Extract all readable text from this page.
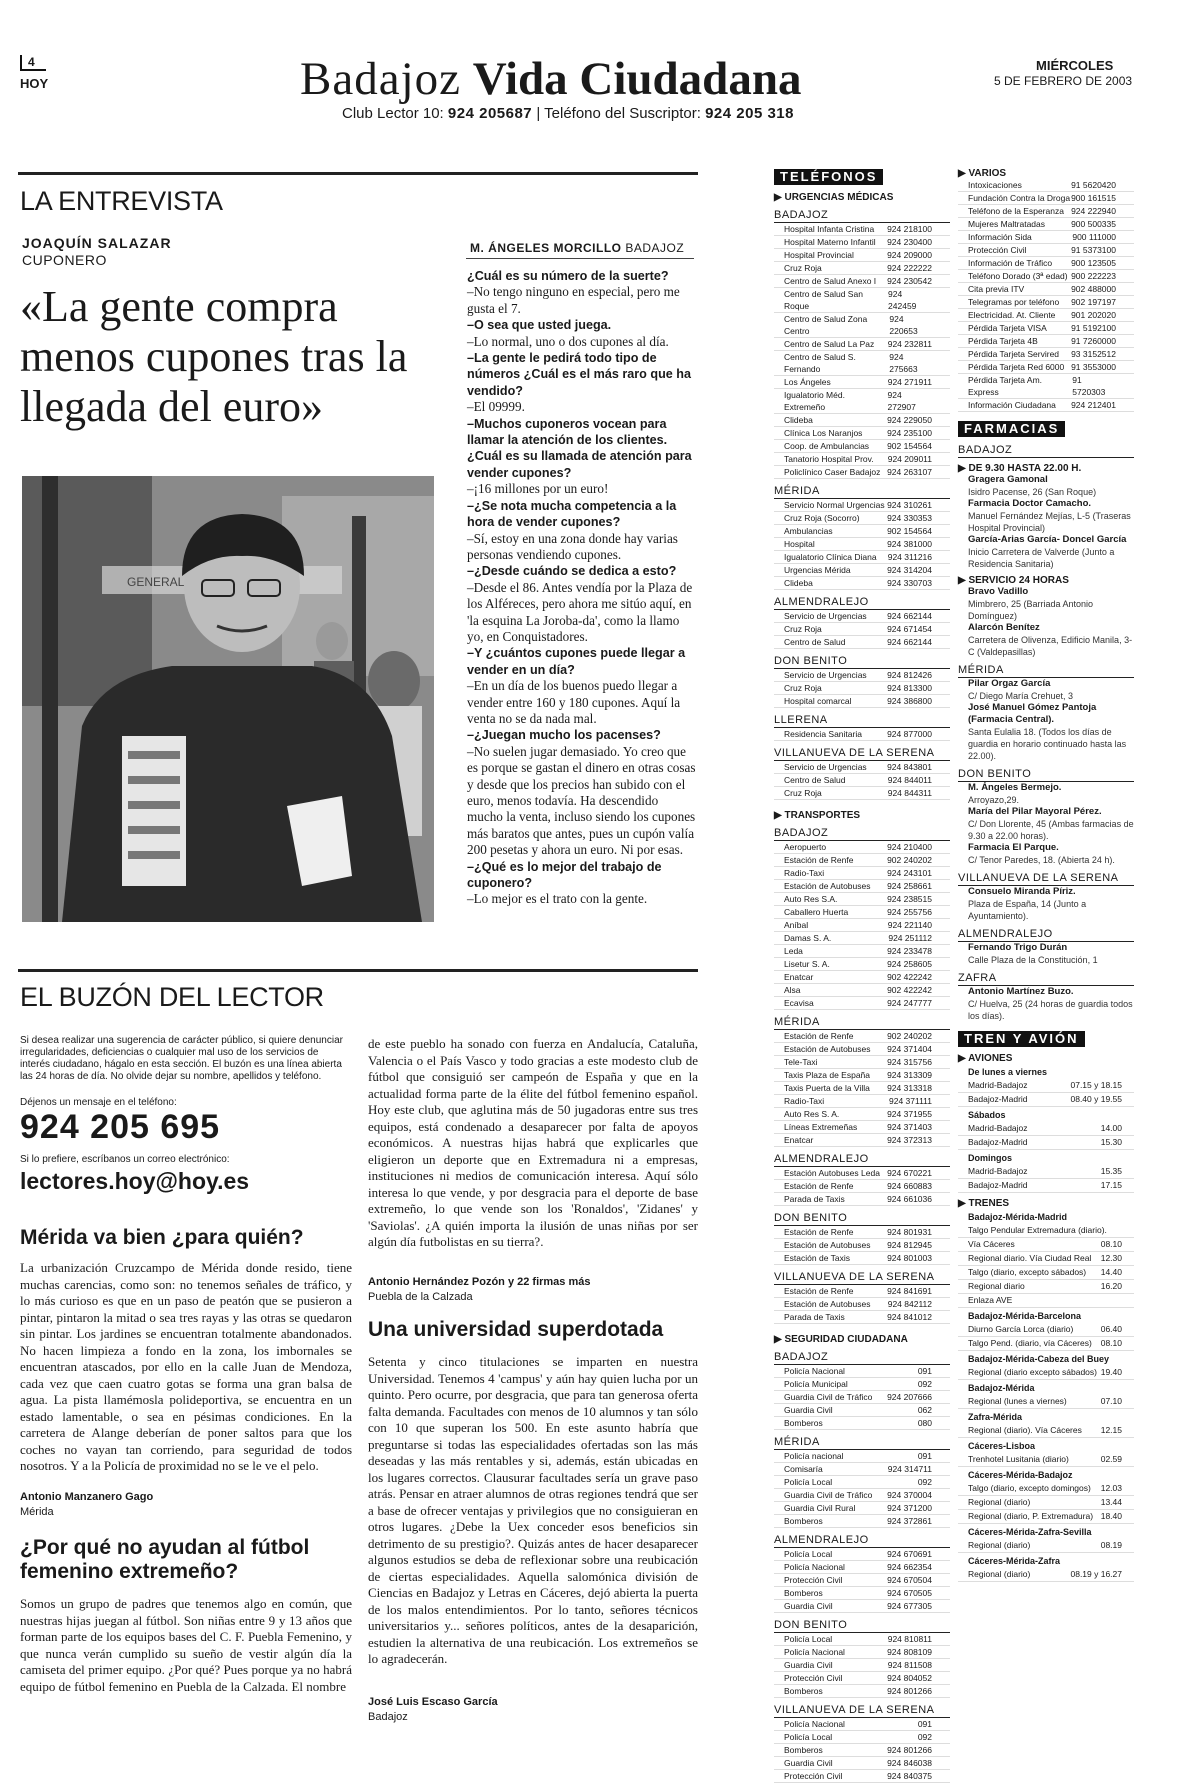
4
HOY	Badajoz Vida Ciudadana
Club Lector 10: 924 205687 | Teléfono del Suscriptor: 924 205 318
MIÉRCOLES
5 DE FEBRERO DE 2003
LA ENTREVISTA
JOAQUÍN SALAZAR
CUPONERO
«La gente compra menos cupones tras la llegada del euro»
GENERAL
M. ÁNGELES MORCILLO BADAJOZ

¿Cuál es su número de la suerte?

–No tengo ninguno en especial, pero me gusta el 7.

–O sea que usted juega.

–Lo normal, uno o dos cupones al día.

–La gente le pedirá todo tipo de números ¿Cuál es el más raro que ha vendido?

–El 09999.

–Muchos cuponeros vocean para llamar la atención de los clientes. ¿Cuál es su llamada de atención para vender cupones?

–¡16 millones por un euro!

–¿Se nota mucha competencia a la hora de vender cupones?

–Sí, estoy en una zona donde hay varias personas vendiendo cupones.

–¿Desde cuándo se dedica a esto?

–Desde el 86. Antes vendía por la Plaza de los Alféreces, pero ahora me sitúo aquí, en 'la esquina La Joroba-da', como la llamo yo, en Conquistadores.

–Y ¿cuántos cupones puede llegar a vender en un día?

–En un día de los buenos puedo llegar a vender entre 160 y 180 cupones. Aquí la venta no se da nada mal.

–¿Juegan mucho los pacenses?

–No suelen jugar demasiado. Yo creo que es porque se gastan el dinero en otras cosas y desde que los precios han subido con el euro, menos todavía. Ha descendido mucho la venta, incluso siendo los cupones más baratos que antes, pues un cupón valía 200 pesetas y ahora un euro. Ni por esas.

–¿Qué es lo mejor del trabajo de cuponero?

–Lo mejor es el trato con la gente.

EL BUZÓN DEL LECTOR
Si desea realizar una sugerencia de carácter público, si quiere denunciar irregularidades, deficiencias o cualquier mal uso de los servicios de interés ciudadano, hágalo en esta sección. El buzón es una línea abierta las 24 horas de día. No olvide dejar su nombre, apellidos y teléfono.
Déjenos un mensaje en el teléfono:
924 205 695
Si lo prefiere, escríbanos un correo electrónico:
lectores.hoy@hoy.es
Mérida va bien ¿para quién?
La urbanización Cruzcampo de Mérida donde resido, tiene muchas carencias, como son: no tenemos señales de tráfico, y lo más curioso es que en un paso de peatón que se pusieron a pintar, pintaron la mitad o sea tres rayas y las otras se quedaron sin pintar. Los jardines se encuentran totalmente abandonados. No hacen limpieza a fondo en la zona, los imbornales se encuentran atascados, por ello en la calle Juan de Mendoza, cada vez que caen cuatro gotas se forma una gran balsa de agua. La pista llamémosla polideportiva, se encuentra en un estado lamentable, o sea en pésimas condiciones. En la carretera de Alange deberían de poner saltos para que los coches no vayan tan corriendo, para seguridad de todos nosotros. Y a la Policía de proximidad no se le ve el pelo.
Antonio Manzanero Gago
Mérida
¿Por qué no ayudan al fútbol femenino extremeño?
Somos un grupo de padres que tenemos algo en común, que nuestras hijas juegan al fútbol. Son niñas entre 9 y 13 años que forman parte de los equipos bases del C. F. Puebla Femenino, y que nunca verán cumplido su sueño de vestir algún día la camiseta del primer equipo. ¿Por qué? Pues porque ya no habrá equipo de fútbol femenino en Puebla de la Calzada. El nombre
de este pueblo ha sonado con fuerza en Andalucía, Cataluña, Valencia o el País Vasco y todo gracias a este modesto club de fútbol que consiguió ser campeón de España y que en la actualidad forma parte de la élite del fútbol femenino español. Hoy este club, que aglutina más de 50 jugadoras entre sus tres equipos, está condenado a desaparecer por falta de apoyos económicos. A nuestras hijas habrá que explicarles que eligieron un deporte que en Extremadura ni a empresas, instituciones ni medios de comunicación interesa. Aquí sólo interesa lo que vende, y por desgracia para el deporte de base extremeño, lo que vende son los 'Ronaldos', 'Zidanes' y 'Saviolas'. ¿A quién importa la ilusión de unas niñas por ser algún día futbolistas en su tierra?.
Antonio Hernández Pozón y 22 firmas más
Puebla de la Calzada
Una universidad superdotada
Setenta y cinco titulaciones se imparten en nuestra Universidad. Tenemos 4 'campus' y aún hay quien lucha por un quinto. Pero ocurre, por desgracia, que para tan generosa oferta falta demanda. Facultades con menos de 10 alumnos y tan sólo con 10 que superan los 500. En este asunto habría que preguntarse si todas las especialidades ofertadas son las más deseadas y las más rentables y si, además, están ubicadas en los lugares correctos. Clausurar facultades sería un grave paso atrás. Pensar en atraer alumnos de otras regiones tendrá que ser a base de ofrecer ventajas y privilegios que no consiguieran en otros lugares. ¿Debe la Uex conceder esos beneficios sin detrimento de su prestigio?. Quizás antes de hacer desaparecer algunos estudios se deba de reflexionar sobre una reubicación de ciertas especialidades. Aquella salomónica división de Ciencias en Badajoz y Letras en Cáceres, dejó abierta la puerta de los malos entendimientos. Por lo tanto, señores técnicos universitarios y... señores políticos, antes de la desaparición, estudien la alternativa de una reubicación. Los extremeños se lo agradecerán.
José Luis Escaso García
Badajoz
TELÉFONOS
▶ URGENCIAS MÉDICAS
BADAJOZ
Hospital Infanta Cristina 924 218100
Hospital Materno Infantil 924 230400
Hospital Provincial	924 209000
Cruz Roja	924 222222
Centro de Salud Anexo I 924 230542
Centro de Salud San Roque
924 242459
Centro de Salud Zona Centro
924 220653
Centro de Salud La Paz 924 232811
Centro de Salud S. Fernando
924 275663
Los Ángeles	924 271911
Igualatorio Méd. Extremeño
924 272907
Clideba	924 229050
Clínica Los Naranjos	924 235100
Coop. de Ambulancias 902 154564
Tanatorio Hospital Prov. 924 209011
Policlínico Caser Badajoz 924 263107
MÉRIDA
Servicio Normal Urgencias 924 310261
Cruz Roja (Socorro)	924 330353
Ambulancias	902 154564
Hospital	924 381000
Igualatorio Clínica Diana 924 311216
Urgencias Mérida	924 314204
Clideba	924 330703
ALMENDRALEJO
Servicio de Urgencias 924 662144
Cruz Roja	924 671454
Centro de Salud	924 662144
DON BENITO
Servicio de Urgencias 924 812426
Cruz Roja	924 813300
Hospital comarcal	924 386800
LLERENA
Residencia Sanitaria	924 877000
VILLANUEVA DE LA SERENA
Servicio de Urgencias 924 843801
Centro de Salud	924 844011
Cruz Roja	924 844311
▶ TRANSPORTES
BADAJOZ
Aeropuerto	924 210400
Estación de Renfe	902 240202
Radio-Taxi	924 243101
Estación de Autobuses 924 258661
Auto Res S.A.	924 238515
Caballero Huerta	924 255756
Aníbal	924 221140
Damas S. A.	924 251112
Leda	924 233478
Lisetur S. A.	924 258605
Enatcar	902 422242
Alsa	902 422242
Ecavisa	924 247777
MÉRIDA
Estación de Renfe	902 240202
Estación de Autobuses 924 371404
Tele-Taxi	924 315756
Taxis Plaza de España 924 313309
Taxis Puerta de la Villa 924 313318
Radio-Taxi	924 371111
Auto Res S. A.	924 371955
Líneas Extremeñas	924 371403
Enatcar	924 372313
ALMENDRALEJO
Estación Autobuses Leda 924 670221
Estación de Renfe	924 660883
Parada de Taxis	924 661036
DON BENITO
Estación de Renfe	924 801931
Estación de Autobuses 924 812945
Estación de Taxis	924 801003
VILLANUEVA DE LA SERENA
Estación de Renfe	924 841691
Estación de Autobuses 924 842112
Parada de Taxis	924 841012
▶ SEGURIDAD CIUDADANA
BADAJOZ
Policía Nacional	091
Policía Municipal	092
Guardia Civil de Tráfico 924 207666
Guardia Civil	062
Bomberos	080
MÉRIDA
Policía nacional	091
Comisaría	924 314711
Policía Local	092
Guardia Civil de Tráfico 924 370004
Guardia Civil Rural	924 371200
Bomberos	924 372861
ALMENDRALEJO
Policía Local	924 670691
Policía Nacional	924 662354
Protección Civil	924 670504
Bomberos	924 670505
Guardia Civil	924 677305
DON BENITO
Policía Local	924 810811
Policía Nacional	924 808109
Guardia Civil	924 811508
Protección Civil	924 804052
Bomberos	924 801266
VILLANUEVA DE LA SERENA
Policía Nacional	091
Policía Local	092
Bomberos	924 801266
Guardia Civil	924 846038
Protección Civil	924 840375
▶ VARIOS
Intoxicaciones	91 5620420
Fundación Contra la Droga 900 161515
Teléfono de la Esperanza 924 222940
Mujeres Maltratadas	900 500335
Información Sida	900 111000
Protección Civil	91 5373100
Información de Tráfico 900 123505
Teléfono Dorado (3ª edad) 900 222223
Cita previa ITV	902 488000
Telegramas por teléfono 902 197197
Electricidad. At. Cliente 901 202020
Pérdida Tarjeta VISA	91 5192100
Pérdida Tarjeta 4B	91 7260000
Pérdida Tarjeta Servired 93 3152512
Pérdida Tarjeta Red 6000 91 3553000
Pérdida Tarjeta Am. Express
91 5720303
Información Ciudadana 924 212401
FARMACIAS
BADAJOZ
▶ DE 9.30 HASTA 22.00 H.
Gragera Gamonal
Isidro Pacense, 26 (San Roque)
Farmacia Doctor Camacho.
Manuel Fernández Mejías, L-5 (Traseras Hospital Provincial)
García-Arias García- Doncel García
Inicio Carretera de Valverde (Junto a Residencia Sanitaria)
▶ SERVICIO 24 HORAS
Bravo Vadillo
Mimbrero, 25 (Barriada Antonio Domínguez)
Alarcón Benítez
Carretera de Olivenza, Edificio Manila, 3-C (Valdepasillas)
MÉRIDA
Pilar Orgaz García
C/ Diego María Crehuet, 3
José Manuel Gómez Pantoja (Farmacia Central).
Santa Eulalia 18. (Todos los días de guardia en horario continuado hasta las 22.00).
DON BENITO
M. Ángeles Bermejo.
Arroyazo,29.
María del Pilar Mayoral Pérez.
C/ Don Llorente, 45 (Ambas farmacias de 9.30 a 22.00 horas).
Farmacia El Parque.
C/ Tenor Paredes, 18. (Abierta 24 h).
VILLANUEVA DE LA SERENA
Consuelo Miranda Píriz.
Plaza de España, 14 (Junto a Ayuntamiento).
ALMENDRALEJO
Fernando Trigo Durán
Calle Plaza de la Constitución, 1
ZAFRA
Antonio Martínez Buzo.
C/ Huelva, 25 (24 horas de guardia todos los días).
TREN Y AVIÓN
▶ AVIONES
De lunes a viernes
Madrid-Badajoz	07.15 y 18.15
Badajoz-Madrid	08.40 y 19.55
Sábados
Madrid-Badajoz	14.00
Badajoz-Madrid	15.30
Domingos
Madrid-Badajoz	15.35
Badajoz-Madrid	17.15
▶ TRENES
Badajoz-Mérida-Madrid
Talgo Pendular Extremadura (diario).
Vía Cáceres	08.10
Regional diario. Vía Ciudad Real 12.30
Talgo (diario, excepto sábados) 14.40
Regional diario	16.20
Enlaza AVE
Badajoz-Mérida-Barcelona
Diurno García Lorca (diario)	06.40
Talgo Pend. (diario, vía Cáceres) 08.10
Badajoz-Mérida-Cabeza del Buey
Regional (diario excepto sábados) 19.40
Badajoz-Mérida
Regional (lunes a viernes)	07.10
Zafra-Mérida
Regional (diario). Vía Cáceres 12.15
Cáceres-Lisboa
Trenhotel Lusitania (diario)	02.59
Cáceres-Mérida-Badajoz
Talgo (diario, excepto domingos) 12.03
Regional (diario)	13.44
Regional (diario, P. Extremadura) 18.40
Cáceres-Mérida-Zafra-Sevilla
Regional (diario)	08.19
Cáceres-Mérida-Zafra
Regional (diario)	08.19 y 16.27
